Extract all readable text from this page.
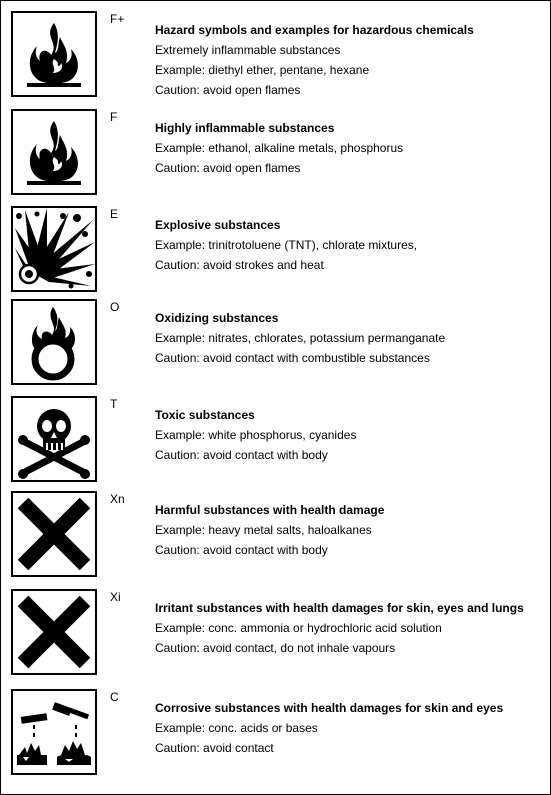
F+
Hazard symbols and examples for hazardous chemicals
Extremely inflammable substances
Example: diethyl ether, pentane, hexane
Caution: avoid open flames
F
Highly inflammable substances
Example: ethanol, alkaline metals, phosphorus
Caution: avoid open flames
E
Explosive substances
Example: trinitrotoluene (TNT), chlorate mixtures,
Caution: avoid strokes and heat
O
Oxidizing substances
Example: nitrates, chlorates, potassium permanganate
Caution: avoid contact with combustible substances
T
Toxic substances
Example: white phosphorus, cyanides
Caution: avoid contact with body
Xn
Harmful substances with health damage
Example: heavy metal salts, haloalkanes
Caution: avoid contact with body
Xi
Irritant substances with health damages for skin, eyes and lungs
Example: conc. ammonia or hydrochloric acid solution
Caution: avoid contact, do not inhale vapours
C
Corrosive substances with health damages for skin and eyes
Example: conc. acids or bases
Caution: avoid contact
